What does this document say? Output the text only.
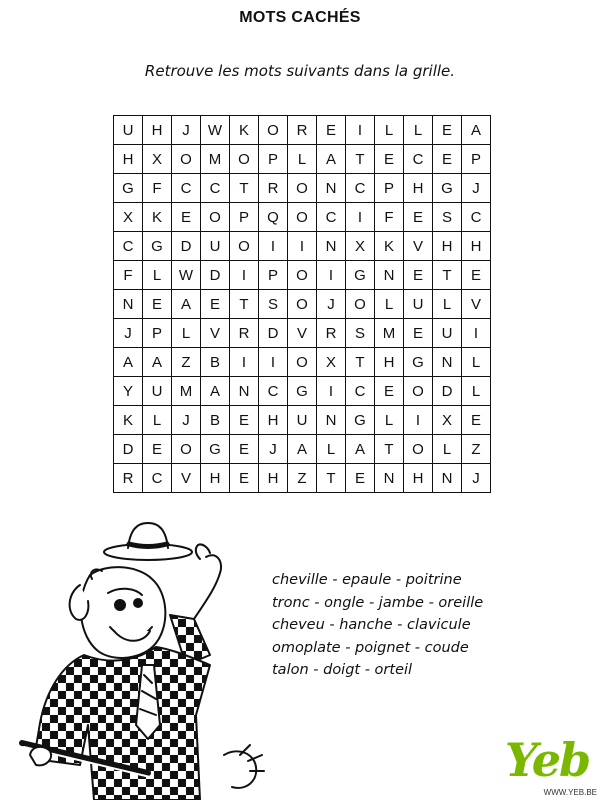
MOTS CACHÉS
Retrouve les mots suivants dans la grille.
U	H	J	W	K	O	R	E	I	L	L	E	A
H	X	O	M	O	P	L	A	T	E	C	E	P
G	F	C	C	T	R	O	N	C	P	H	G	J
X	K	E	O	P	Q	O	C	I	F	E	S	C
C	G	D	U	O	I	I	N	X	K	V	H	H
F	L	W	D	I	P	O	I	G	N	E	T	E
N	E	A	E	T	S	O	J	O	L	U	L	V
J	P	L	V	R	D	V	R	S	M	E	U	I
A	A	Z	B	I	I	O	X	T	H	G	N	L
Y	U	M	A	N	C	G	I	C	E	O	D	L
K	L	J	B	E	H	U	N	G	L	I	X	E
D	E	O	G	E	J	A	L	A	T	O	L	Z
R	C	V	H	E	H	Z	T	E	N	H	N	J
cheville - epaule - poitrine
tronc - ongle - jambe - oreille
cheveu - hanche - clavicule
omoplate - poignet - coude
talon - doigt - orteil
Yeb
WWW.YEB.BE
